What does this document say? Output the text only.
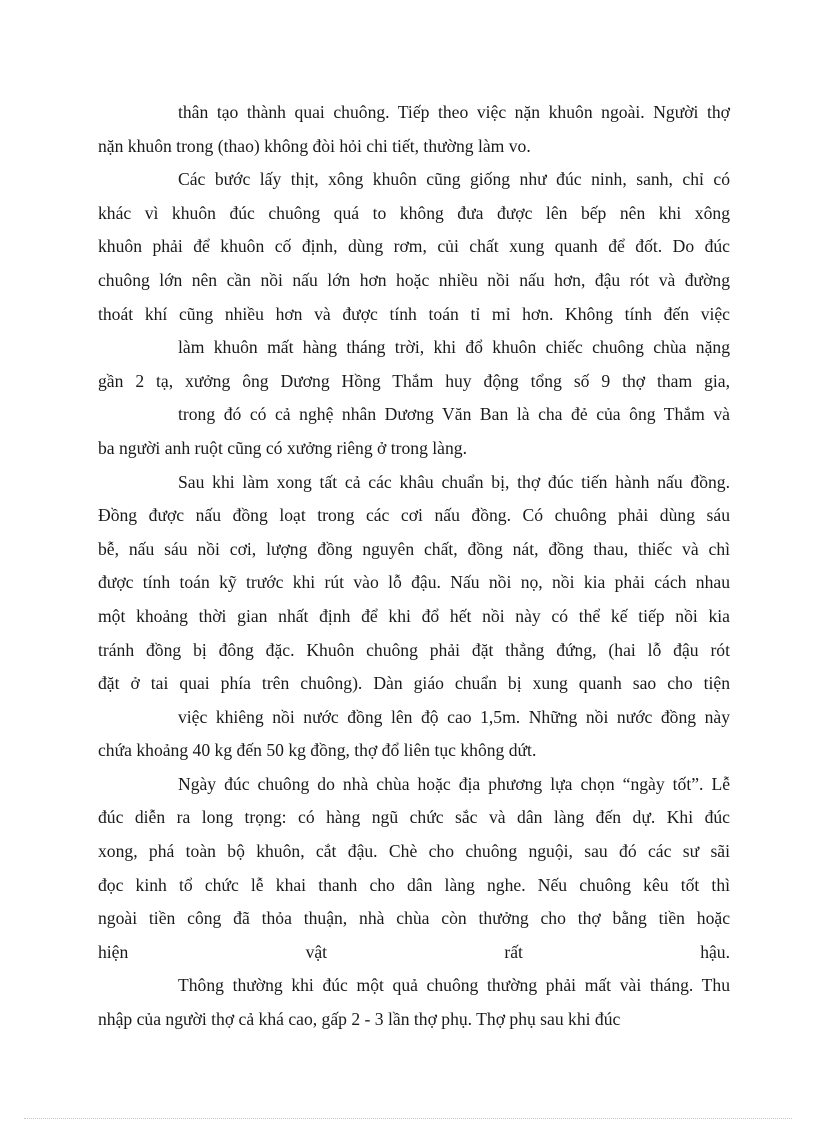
thân tạo thành quai chuông. Tiếp theo việc nặn khuôn ngoài. Người thợ
nặn khuôn trong (thao) không đòi hỏi chi tiết, thường làm vo.
Các bước lấy thịt, xông khuôn cũng giống như đúc ninh, sanh, chỉ có
khác vì khuôn đúc chuông quá to không đưa được lên bếp nên khi xông
khuôn phải để khuôn cố định, dùng rơm, củi chất xung quanh để đốt. Do đúc
chuông lớn nên cần nồi nấu lớn hơn hoặc nhiều nồi nấu hơn, đậu rót và đường
thoát khí cũng nhiều hơn và được tính toán tỉ mỉ hơn. Không tính đến việc
làm khuôn mất hàng tháng trời, khi đổ khuôn chiếc chuông chùa nặng
gần 2 tạ, xưởng ông Dương Hồng Thắm huy động tổng số 9 thợ tham gia,
trong đó có cả nghệ nhân Dương Văn Ban là cha đẻ của ông Thắm và
ba người anh ruột cũng có xưởng riêng ở trong làng.
Sau khi làm xong tất cả các khâu chuẩn bị, thợ đúc tiến hành nấu đồng.
Đồng được nấu đồng loạt trong các cơi nấu đồng. Có chuông phải dùng sáu
bễ, nấu sáu nồi cơi, lượng đồng nguyên chất, đồng nát, đồng thau, thiếc và chì
được tính toán kỹ trước khi rút vào lỗ đậu. Nấu nồi nọ, nồi kia phải cách nhau
một khoảng thời gian nhất định để khi đổ hết nồi này có thể kế tiếp nồi kia
tránh đồng bị đông đặc. Khuôn chuông phải đặt thẳng đứng, (hai lỗ đậu rót
đặt ở tai quai phía trên chuông). Dàn giáo chuẩn bị xung quanh sao cho tiện
việc khiêng nồi nước đồng lên độ cao 1,5m. Những nồi nước đồng này
chứa khoảng 40 kg đến 50 kg đồng, thợ đổ liên tục không dứt.
Ngày đúc chuông do nhà chùa hoặc địa phương lựa chọn “ngày tốt”. Lễ
đúc diễn ra long trọng: có hàng ngũ chức sắc và dân làng đến dự. Khi đúc
xong, phá toàn bộ khuôn, cắt đậu. Chè cho chuông nguội, sau đó các sư sãi
đọc kinh tổ chức lễ khai thanh cho dân làng nghe. Nếu chuông kêu tốt thì
ngoài tiền công đã thỏa thuận, nhà chùa còn thưởng cho thợ bằng tiền hoặc
hiện vật rất hậu.
Thông thường khi đúc một quả chuông thường phải mất vài tháng. Thu
nhập của người thợ cả khá cao, gấp 2 - 3 lần thợ phụ. Thợ phụ sau khi đúc
